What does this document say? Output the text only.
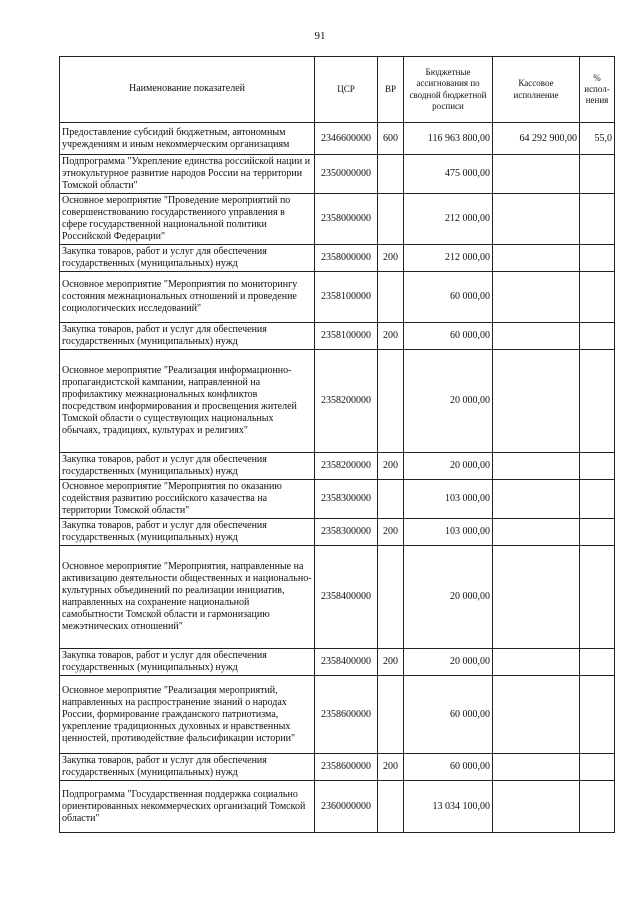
91
Наименование показателей	ЦСР	ВР	Бюджетные ассигнования по сводной бюджетной росписи	Кассовое исполнение	% испол-нения
Предоставление субсидий бюджетным, автономным учреждениям и иным некоммерческим организациям	2346600000	600	116 963 800,00	64 292 900,00	55,0
Подпрограмма "Укрепление единства российской нации и этнокультурное развитие народов России на территории Томской области"	2350000000		475 000,00		
Основное мероприятие "Проведение мероприятий по совершенствованию государственного управления в сфере государственной национальной политики Российской Федерации"	2358000000		212 000,00		
Закупка товаров, работ и услуг для обеспечения государственных (муниципальных) нужд	2358000000	200	212 000,00		
Основное мероприятие "Мероприятия по мониторингу состояния межнациональных отношений и проведение социологических исследований"	2358100000		60 000,00		
Закупка товаров, работ и услуг для обеспечения государственных (муниципальных) нужд	2358100000	200	60 000,00		
Основное мероприятие "Реализация информационно-пропагандистской кампании, направленной на профилактику межнациональных конфликтов посредством информирования и просвещения жителей Томской области о существующих национальных обычаях, традициях, культурах и религиях"	2358200000		20 000,00		
Закупка товаров, работ и услуг для обеспечения государственных (муниципальных) нужд	2358200000	200	20 000,00		
Основное мероприятие "Мероприятия по оказанию содействия развитию российского казачества на территории Томской области"	2358300000		103 000,00		
Закупка товаров, работ и услуг для обеспечения государственных (муниципальных) нужд	2358300000	200	103 000,00		
Основное мероприятие "Мероприятия, направленные на активизацию деятельности общественных и национально-культурных объединений по реализации инициатив, направленных на сохранение национальной самобытности Томской области и гармонизацию межэтнических отношений"	2358400000		20 000,00		
Закупка товаров, работ и услуг для обеспечения государственных (муниципальных) нужд	2358400000	200	20 000,00		
Основное мероприятие "Реализация мероприятий, направленных на распространение знаний о народах России, формирование гражданского патриотизма, укрепление традиционных духовных и нравственных ценностей, противодействие фальсификации истории"	2358600000		60 000,00		
Закупка товаров, работ и услуг для обеспечения государственных (муниципальных) нужд	2358600000	200	60 000,00		
Подпрограмма "Государственная поддержка социально ориентированных некоммерческих организаций Томской области"	2360000000		13 034 100,00		
